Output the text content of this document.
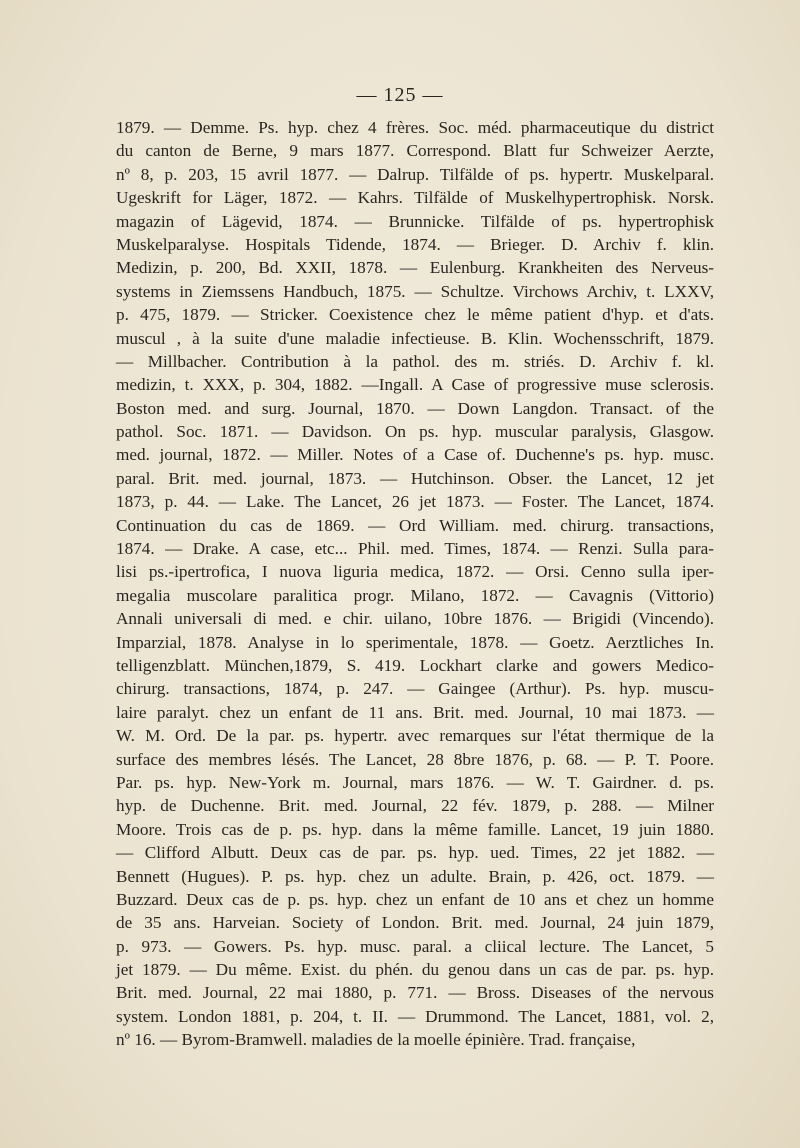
— 125 —
1879. — Demme. Ps. hyp. chez 4 frères. Soc. méd. pharmaceutique du district
du canton de Berne, 9 mars 1877. Correspond. Blatt fur Schweizer Aerzte,
nº 8, p. 203, 15 avril 1877. — Dalrup. Tilfälde of ps. hypertr. Muskelparal.
Ugeskrift for Läger, 1872. — Kahrs. Tilfälde of Muskelhypertrophisk. Norsk.
magazin of Lägevid, 1874. — Brunnicke. Tilfälde of ps. hypertrophisk
Muskelparalyse. Hospitals Tidende, 1874. — Brieger. D. Archiv f. klin.
Medizin, p. 200, Bd. XXII, 1878. — Eulenburg. Krankheiten des Nerveus-
systems in Ziemssens Handbuch, 1875. — Schultze. Virchows Archiv, t. LXXV,
p. 475, 1879. — Stricker. Coexistence chez le même patient d'hyp. et d'ats.
muscul , à la suite d'une maladie infectieuse. B. Klin. Wochensschrift, 1879.
— Millbacher. Contribution à la pathol. des m. striés. D. Archiv f. kl.
medizin, t. XXX, p. 304, 1882. —Ingall. A Case of progressive muse sclerosis.
Boston med. and surg. Journal, 1870. — Down Langdon. Transact. of the
pathol. Soc. 1871. — Davidson. On ps. hyp. muscular paralysis, Glasgow.
med. journal, 1872. — Miller. Notes of a Case of. Duchenne's ps. hyp. musc.
paral. Brit. med. journal, 1873. — Hutchinson. Obser. the Lancet, 12 jet
1873, p. 44. — Lake. The Lancet, 26 jet 1873. — Foster. The Lancet, 1874.
Continuation du cas de 1869. — Ord William. med. chirurg. transactions,
1874. — Drake. A case, etc... Phil. med. Times, 1874. — Renzi. Sulla para-
lisi ps.-ipertrofica, I nuova liguria medica, 1872. — Orsi. Cenno sulla iper-
megalia muscolare paralitica progr. Milano, 1872. — Cavagnis (Vittorio)
Annali universali di med. e chir. uilano, 10bre 1876. — Brigidi (Vincendo).
Imparzial, 1878. Analyse in lo sperimentale, 1878. — Goetz. Aerztliches In.
telligenzblatt. München,1879, S. 419. Lockhart clarke and gowers Medico-
chirurg. transactions, 1874, p. 247. — Gaingee (Arthur). Ps. hyp. muscu-
laire paralyt. chez un enfant de 11 ans. Brit. med. Journal, 10 mai 1873. —
W. M. Ord. De la par. ps. hypertr. avec remarques sur l'état thermique de la
surface des membres lésés. The Lancet, 28 8bre 1876, p. 68. — P. T. Poore.
Par. ps. hyp. New-York m. Journal, mars 1876. — W. T. Gairdner. d. ps.
hyp. de Duchenne. Brit. med. Journal, 22 fév. 1879, p. 288. — Milner
Moore. Trois cas de p. ps. hyp. dans la même famille. Lancet, 19 juin 1880.
— Clifford Albutt. Deux cas de par. ps. hyp. ued. Times, 22 jet 1882. —
Bennett (Hugues). P. ps. hyp. chez un adulte. Brain, p. 426, oct. 1879. —
Buzzard. Deux cas de p. ps. hyp. chez un enfant de 10 ans et chez un homme
de 35 ans. Harveian. Society of London. Brit. med. Journal, 24 juin 1879,
p. 973. — Gowers. Ps. hyp. musc. paral. a cliical lecture. The Lancet, 5
jet 1879. — Du même. Exist. du phén. du genou dans un cas de par. ps. hyp.
Brit. med. Journal, 22 mai 1880, p. 771. — Bross. Diseases of the nervous
system. London 1881, p. 204, t. II. — Drummond. The Lancet, 1881, vol. 2,
nº 16. — Byrom-Bramwell. maladies de la moelle épinière. Trad. française,
